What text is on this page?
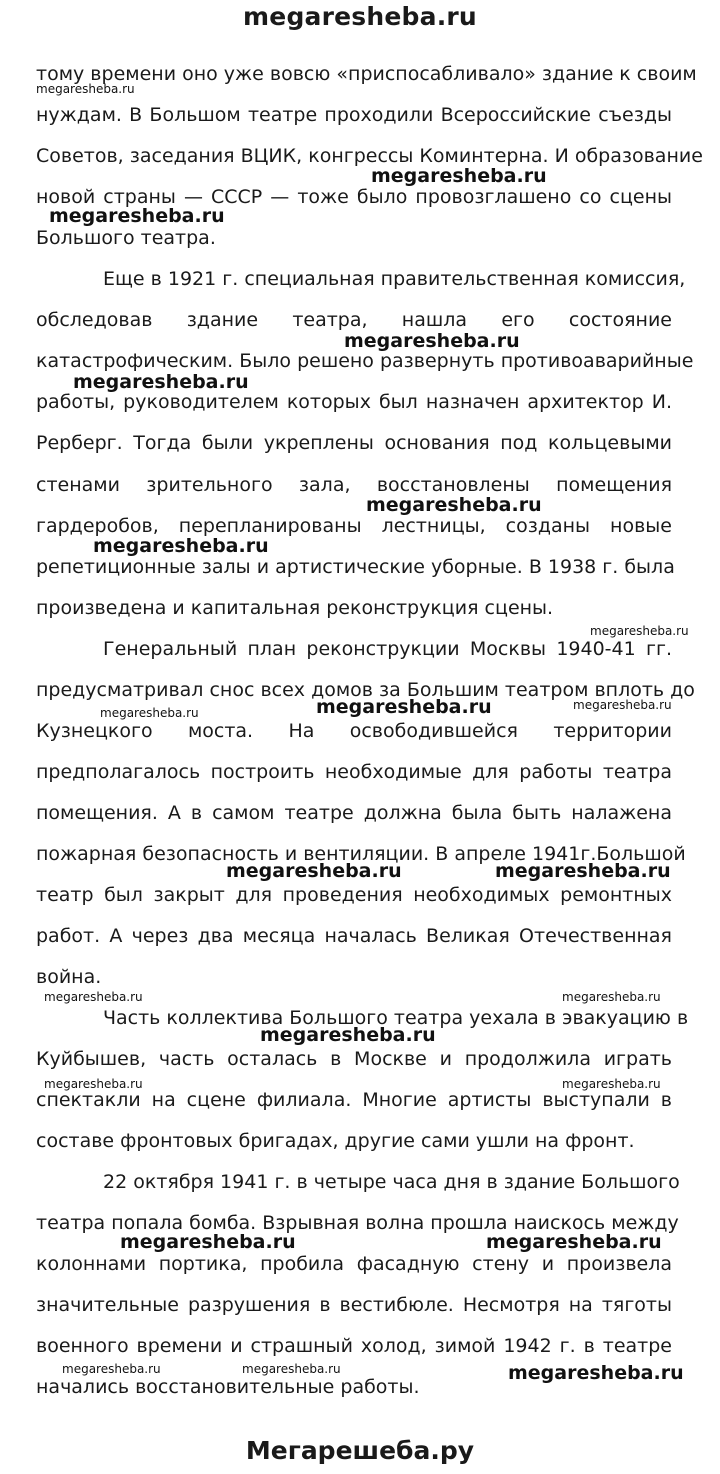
megaresheba.ru
тому времени оно уже вовсю «приспосабливало» здание к своим
нуждам. В Большом театре проходили Всероссийские съезды
Советов, заседания ВЦИК, конгрессы Коминтерна. И образование
новой страны — СССР — тоже было провозглашено со сцены
Большого театра.
Еще в 1921 г. специальная правительственная комиссия,
обследовав здание театра, нашла его состояние
катастрофическим. Было решено развернуть противоаварийные
работы, руководителем которых был назначен архитектор И.
Рерберг. Тогда были укреплены основания под кольцевыми
стенами зрительного зала, восстановлены помещения
гардеробов, перепланированы лестницы, созданы новые
репетиционные залы и артистические уборные. В 1938 г. была
произведена и капитальная реконструкция сцены.
Генеральный план реконструкции Москвы 1940-41 гг.
предусматривал снос всех домов за Большим театром вплоть до
Кузнецкого моста. На освободившейся территории
предполагалось построить необходимые для работы театра
помещения. А в самом театре должна была быть налажена
пожарная безопасность и вентиляции. В апреле 1941г.Большой
театр был закрыт для проведения необходимых ремонтных
работ. А через два месяца началась Великая Отечественная
война.
Часть коллектива Большого театра уехала в эвакуацию в
Куйбышев, часть осталась в Москве и продолжила играть
спектакли на сцене филиала. Многие артисты выступали в
составе фронтовых бригадах, другие сами ушли на фронт.
22 октября 1941 г. в четыре часа дня в здание Большого
театра попала бомба. Взрывная волна прошла наискось между
колоннами портика, пробила фасадную стену и произвела
значительные разрушения в вестибюле. Несмотря на тяготы
военного времени и страшный холод, зимой 1942 г. в театре
начались восстановительные работы.
megaresheba.ru
megaresheba.ru
megaresheba.ru
megaresheba.ru
megaresheba.ru
megaresheba.ru
megaresheba.ru
megaresheba.ru
megaresheba.ru	megaresheba.ru	megaresheba.ru
megaresheba.ru	megaresheba.ru
megaresheba.ru	megaresheba.ru
megaresheba.ru
megaresheba.ru	megaresheba.ru
megaresheba.ru	megaresheba.ru
megaresheba.ru	megaresheba.ru	megaresheba.ru
Мегарешеба.ру
